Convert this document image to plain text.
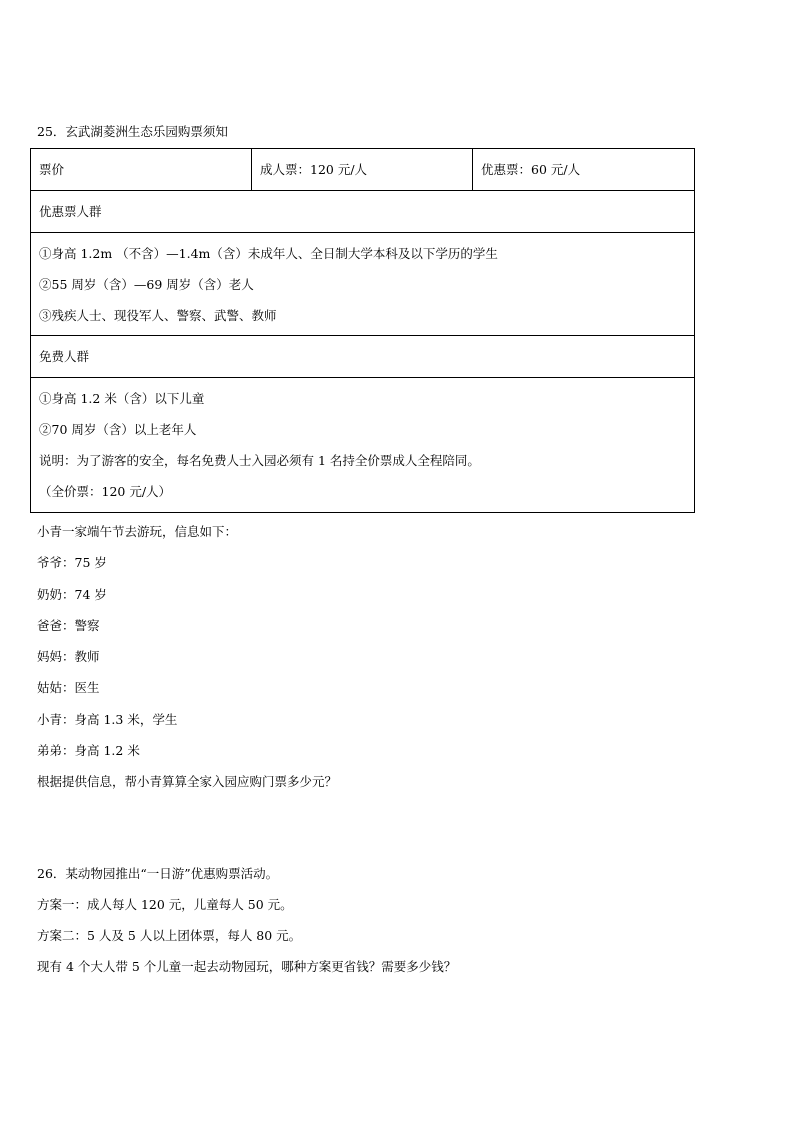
25．玄武湖菱洲生态乐园购票须知
票价	成人票：120 元/人	优惠票：60 元/人
优惠票人群

①身高 1.2m （不含）—1.4m（含）未成年人、全日制大学本科及以下学历的学生
②55 周岁（含）—69 周岁（含）老人
③残疾人士、现役军人、警察、武警、教师

免费人群

①身高 1.2 米（含）以下儿童
②70 周岁（含）以上老年人
说明：为了游客的安全，每名免费人士入园必须有 1 名持全价票成人全程陪同。
（全价票：120 元/人）
小青一家端午节去游玩，信息如下：
爷爷：75 岁
奶奶：74 岁
爸爸：警察
妈妈：教师
姑姑：医生
小青：身高 1.3 米，学生
弟弟：身高 1.2 米
根据提供信息，帮小青算算全家入园应购门票多少元？
26．某动物园推出“一日游”优惠购票活动。
方案一：成人每人 120 元，儿童每人 50 元。
方案二：5 人及 5 人以上团体票，每人 80 元。
现有 4 个大人带 5 个儿童一起去动物园玩，哪种方案更省钱？需要多少钱？
